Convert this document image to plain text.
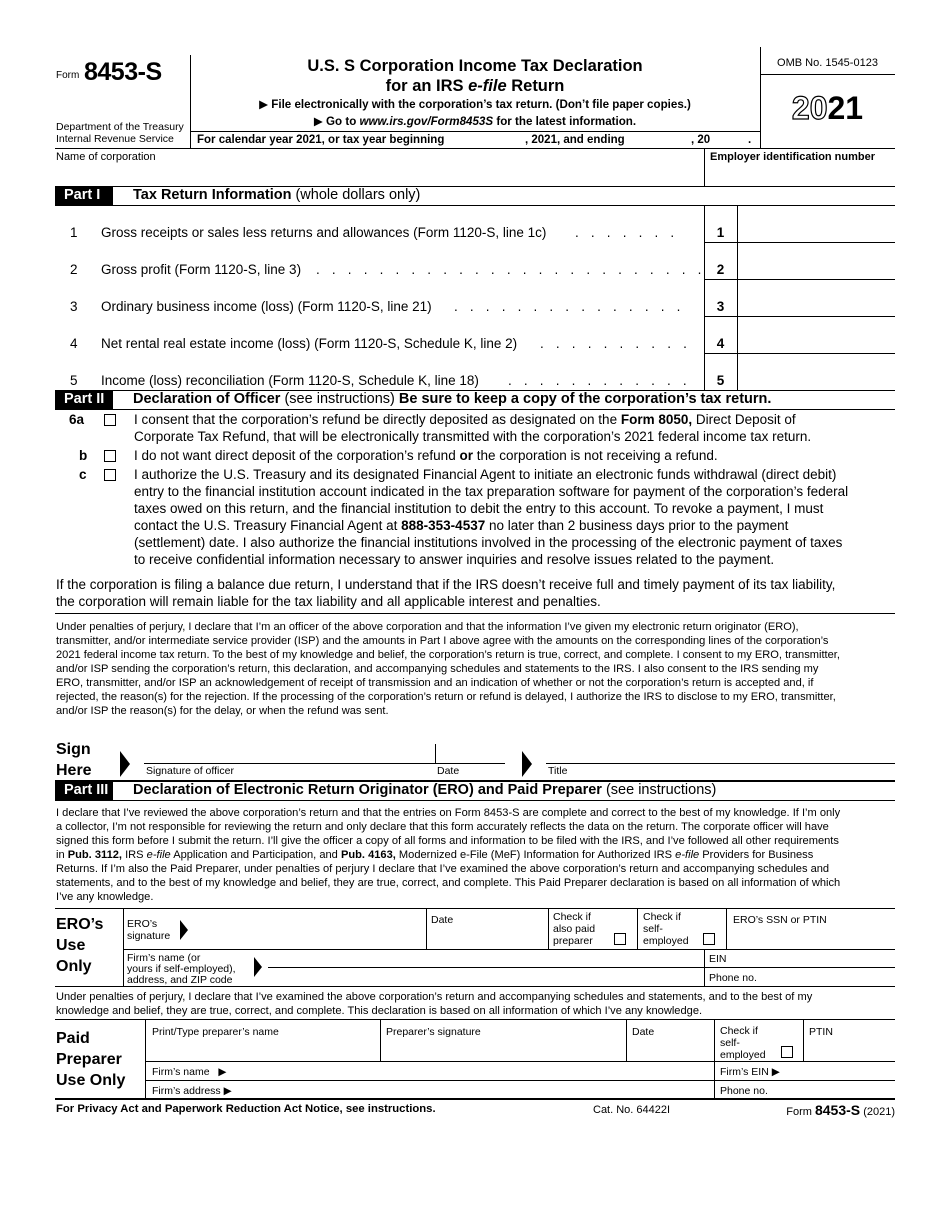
Form 8453-S
Department of the Treasury
Internal Revenue Service
U.S. S Corporation Income Tax Declaration
for an IRS e-file Return
▶ File electronically with the corporation’s tax return. (Don’t file paper copies.)
▶ Go to www.irs.gov/Form8453S for the latest information.
OMB No. 1545-0123
2021
For calendar year 2021, or tax year beginning	, 2021, and ending	, 20	.
Name of corporation	Employer identification number
Part I	Tax Return Information (whole dollars only)
1 Gross receipts or sales less returns and allowances (Form 1120-S, line 1c) . . . . . . .	1
2 Gross profit (Form 1120-S, line 3) . . . . . . . . . . . . . . . . . . . . . . . . . 2
3 Ordinary business income (loss) (Form 1120-S, line 21) . . . . . . . . . . . . . . .	3
4 Net rental real estate income (loss) (Form 1120-S, Schedule K, line 2) . . . . . . . . . .	4
5 Income (loss) reconciliation (Form 1120-S, Schedule K, line 18) . . . . . . . . . . . .	5
Part II	Declaration of Officer (see instructions) Be sure to keep a copy of the corporation’s tax return.
6a	I consent that the corporation’s refund be directly deposited as designated on the Form 8050, Direct Deposit of
Corporate Tax Refund, that will be electronically transmitted with the corporation’s 2021 federal income tax return.
b	I do not want direct deposit of the corporation’s refund or the corporation is not receiving a refund.
c	I authorize the U.S. Treasury and its designated Financial Agent to initiate an electronic funds withdrawal (direct debit)
entry to the financial institution account indicated in the tax preparation software for payment of the corporation’s federal
taxes owed on this return, and the financial institution to debit the entry to this account. To revoke a payment, I must
contact the U.S. Treasury Financial Agent at 888-353-4537 no later than 2 business days prior to the payment
(settlement) date. I also authorize the financial institutions involved in the processing of the electronic payment of taxes
to receive confidential information necessary to answer inquiries and resolve issues related to the payment.
If the corporation is filing a balance due return, I understand that if the IRS doesn’t receive full and timely payment of its tax liability,
the corporation will remain liable for the tax liability and all applicable interest and penalties.
Under penalties of perjury, I declare that I’m an officer of the above corporation and that the information I’ve given my electronic return originator (ERO),
transmitter, and/or intermediate service provider (ISP) and the amounts in Part I above agree with the amounts on the corresponding lines of the corporation’s
2021 federal income tax return. To the best of my knowledge and belief, the corporation’s return is true, correct, and complete. I consent to my ERO, transmitter,
and/or ISP sending the corporation’s return, this declaration, and accompanying schedules and statements to the IRS. I also consent to the IRS sending my
ERO, transmitter, and/or ISP an acknowledgement of receipt of transmission and an indication of whether or not the corporation’s return is accepted and, if
rejected, the reason(s) for the rejection. If the processing of the corporation’s return or refund is delayed, I authorize the IRS to disclose to my ERO, transmitter,
and/or ISP the reason(s) for the delay, or when the refund was sent.
Sign
Here	Signature of officer	Date	Title
Part III	Declaration of Electronic Return Originator (ERO) and Paid Preparer (see instructions)
I declare that I’ve reviewed the above corporation’s return and that the entries on Form 8453-S are complete and correct to the best of my knowledge. If I’m only
a collector, I’m not responsible for reviewing the return and only declare that this form accurately reflects the data on the return. The corporate officer will have
signed this form before I submit the return. I’ll give the officer a copy of all forms and information to be filed with the IRS, and I’ve followed all other requirements
in Pub. 3112, IRS e-file Application and Participation, and Pub. 4163, Modernized e-File (MeF) Information for Authorized IRS e-file Providers for Business
Returns. If I’m also the Paid Preparer, under penalties of perjury I declare that I’ve examined the above corporation’s return and accompanying schedules and
statements, and to the best of my knowledge and belief, they are true, correct, and complete. This Paid Preparer declaration is based on all information of which
I’ve any knowledge.
ERO’s
Use
Only
ERO’s
signature
Date	Check if
also paid
preparer
Check if
self-
employed
ERO’s SSN or PTIN
Firm’s name (or
yours if self-employed),
address, and ZIP code
EIN
Phone no.
Under penalties of perjury, I declare that I’ve examined the above corporation’s return and accompanying schedules and statements, and to the best of my
knowledge and belief, they are true, correct, and complete. This declaration is based on all information of which I’ve any knowledge.
Paid
Preparer
Use Only
Print/Type preparer’s name	Preparer’s signature	Date	Check if
self-
employed
PTIN
Firm’s name   ▶	Firm’s EIN ▶
Firm’s address ▶	Phone no.
For Privacy Act and Paperwork Reduction Act Notice, see instructions.	Cat. No. 64422I	Form 8453-S (2021)
